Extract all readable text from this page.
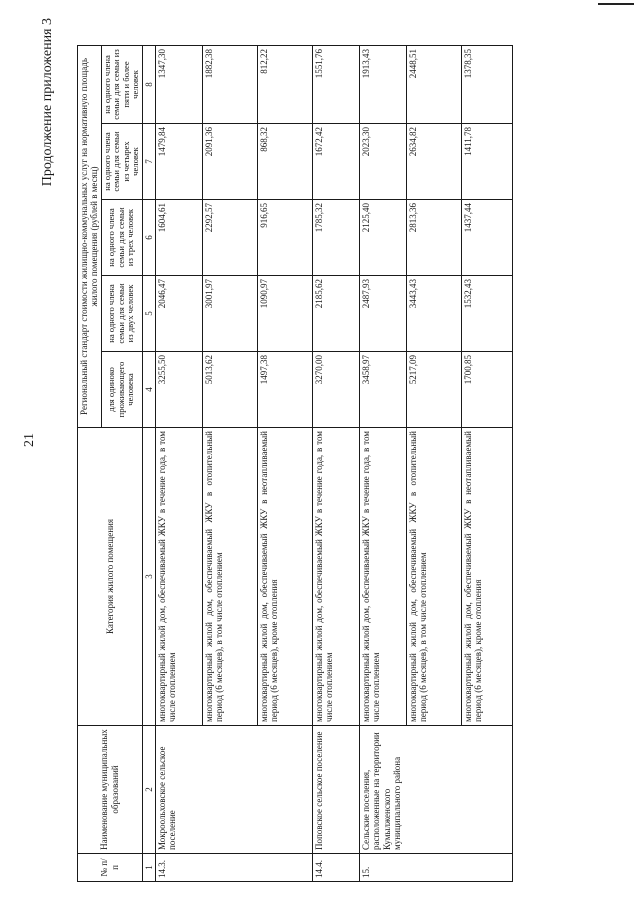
21
Продолжение приложения 3
№ п/п	Наименование муниципальных образований	Категория жилого помещения	Региональный стандарт стоимости жилищно-коммунальных услуг на нормативную площадь жилого помещения (рублей в месяц)				
			для одиноко проживающего человека	на одного члена семьи для семьи из двух человек	на одного члена семьи для семьи из трех человек	на одного члена семьи для семьи из четырех человек	на одного члена семьи для семьи из пяти и более человек
1	2	3	4	5	6	7	8
14.3.	Мокроольховское сельское поселение	многоквартирный жилой дом, обеспечиваемый ЖКУ в течение года, в том числе отоплением	3255,50	2046,47	1604,61	1479,84	1347,30
		многоквартирный жилой дом, обеспечиваемый ЖКУ в отопительный период (6 месяцев), в том числе отоплением	5013,62	3001,97	2292,57	2091,36	1882,38
		многоквартирный жилой дом, обеспечиваемый ЖКУ в неотапливаемый период (6 месяцев), кроме отопления	1497,38	1090,97	916,65	868,32	812,22
14.4.	Поповское сельское поселение	многоквартирный жилой дом, обеспечиваемый ЖКУ в течение года, в том числе отоплением	3270,00	2185,62	1785,32	1672,42	1551,76
15.	Сельские поселения, расположенные на территории Кумылженского муниципального района	многоквартирный жилой дом, обеспечиваемый ЖКУ в течение года, в том числе отоплением	3458,97	2487,93	2125,40	2023,30	1913,43
		многоквартирный жилой дом, обеспечиваемый ЖКУ в отопительный период (6 месяцев), в том числе отоплением	5217,09	3443,43	2813,36	2634,82	2448,51
		многоквартирный жилой дом, обеспечиваемый ЖКУ в неотапливаемый период (6 месяцев), кроме отопления	1700,85	1532,43	1437,44	1411,78	1378,35
